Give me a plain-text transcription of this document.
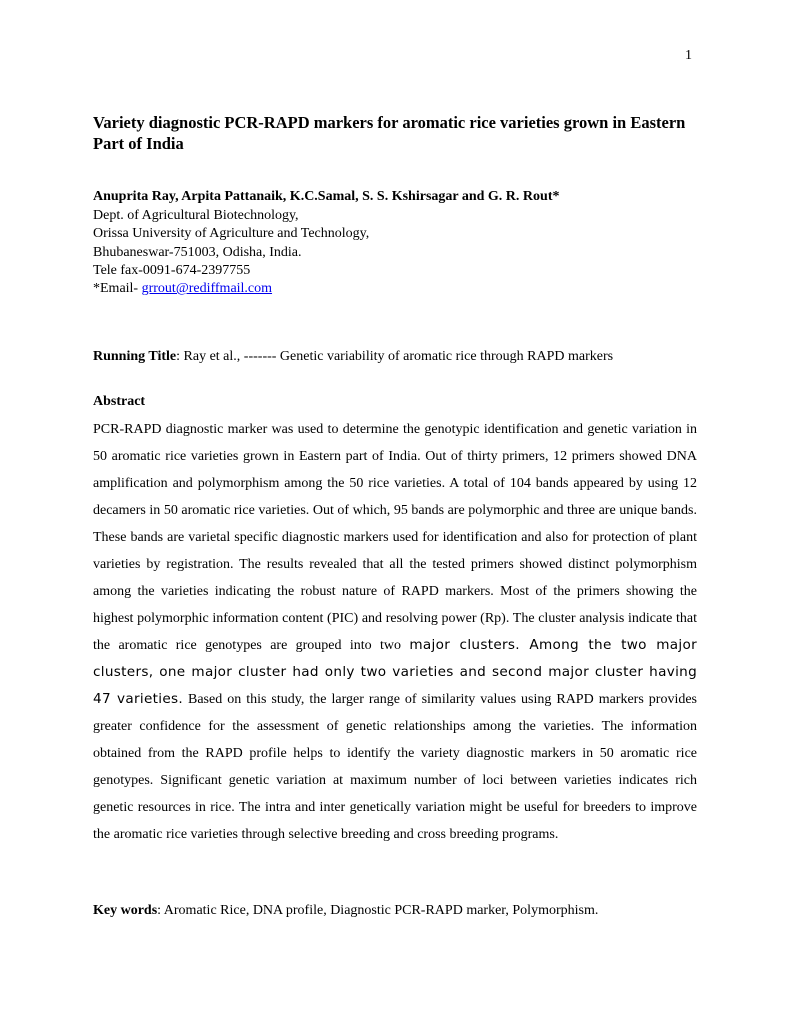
1
Variety diagnostic PCR-RAPD markers for aromatic rice varieties grown in Eastern Part of India
Anuprita Ray, Arpita Pattanaik, K.C.Samal, S. S. Kshirsagar and G. R. Rout*
Dept. of Agricultural Biotechnology,
Orissa University of Agriculture and Technology,
Bhubaneswar-751003, Odisha, India.
Tele fax-0091-674-2397755
*Email- grrout@rediffmail.com
Running Title: Ray et al., ------- Genetic variability of aromatic rice through RAPD markers
Abstract

PCR-RAPD diagnostic marker was used to determine the genotypic identification and genetic variation in 50 aromatic rice varieties grown in Eastern part of India. Out of thirty primers, 12 primers showed DNA amplification and polymorphism among the 50 rice varieties. A total of 104 bands appeared by using 12 decamers in 50 aromatic rice varieties. Out of which, 95 bands are polymorphic and three are unique bands. These bands are varietal specific diagnostic markers used for identification and also for protection of plant varieties by registration. The results revealed that all the tested primers showed distinct polymorphism among the varieties indicating the robust nature of RAPD markers. Most of the primers showing the highest polymorphic information content (PIC) and resolving power (Rp). The cluster analysis indicate that the aromatic rice genotypes are grouped into two major clusters. Among the two major clusters, one major cluster had only two varieties and second major cluster having 47 varieties. Based on this study, the larger range of similarity values using RAPD markers provides greater confidence for the assessment of genetic relationships among the varieties. The information obtained from the RAPD profile helps to identify the variety diagnostic markers in 50 aromatic rice genotypes. Significant genetic variation at maximum number of loci between varieties indicates rich genetic resources in rice. The intra and inter genetically variation might be useful for breeders to improve the aromatic rice varieties through selective breeding and cross breeding programs.

Key words: Aromatic Rice, DNA profile, Diagnostic PCR-RAPD marker, Polymorphism.
